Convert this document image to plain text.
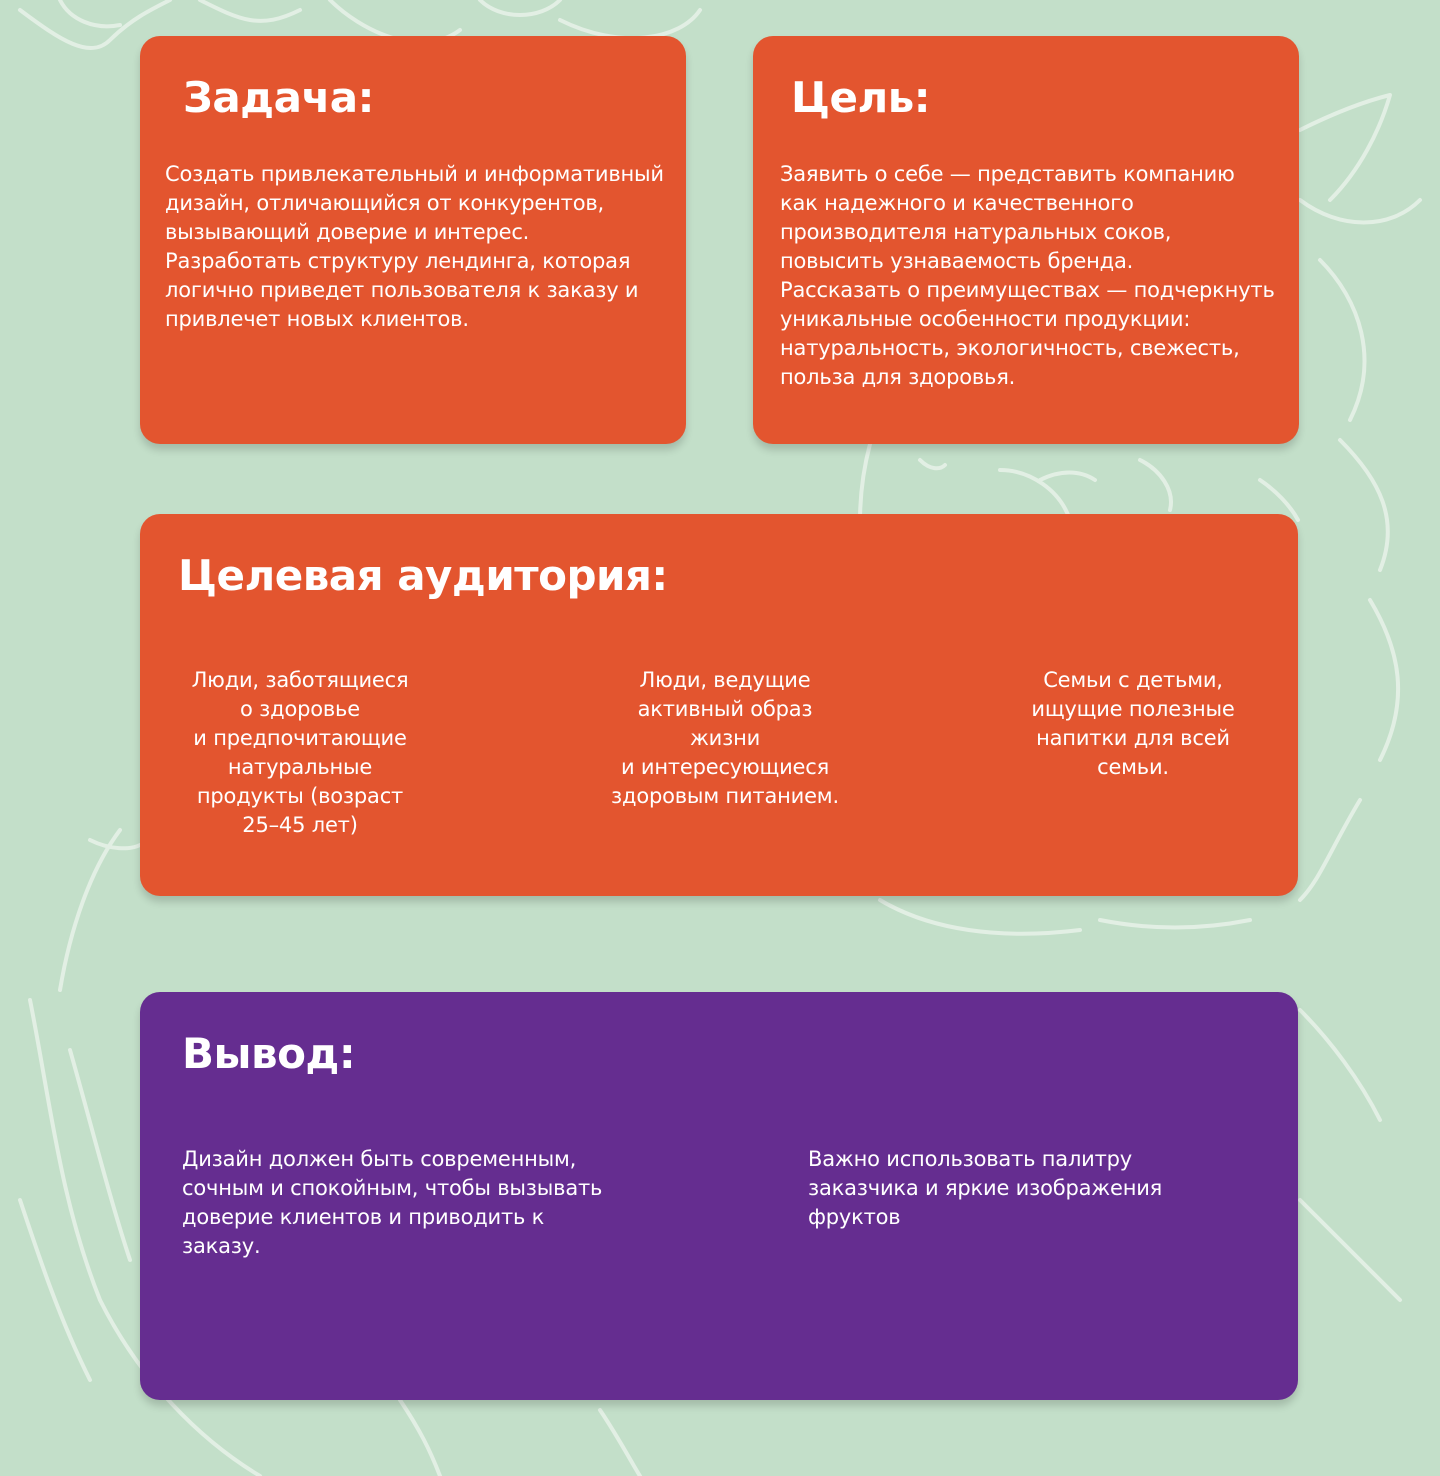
Задача:

Создать привлекательный и информативный
дизайн, отличающийся от конкурентов,
вызывающий доверие и интерес.
Разработать структуру лендинга, которая
логично приведет пользователя к заказу и
привлечет новых клиентов.

Цель:

Заявить о себе — представить компанию
как надежного и качественного
производителя натуральных соков,
повысить узнаваемость бренда.
Рассказать о преимуществах — подчеркнуть
уникальные особенности продукции:
натуральность, экологичность, свежесть,
польза для здоровья.

Целевая аудитория:

Люди, заботящиеся
о здоровье
и предпочитающие
натуральные
продукты (возраст
25–45 лет)

Люди, ведущие
активный образ
жизни
и интересующиеся
здоровым питанием.

Семьи с детьми,
ищущие полезные
напитки для всей
семьи.

Вывод:

Дизайн должен быть современным,
сочным и спокойным, чтобы вызывать
доверие клиентов и приводить к
заказу.

Важно использовать палитру
заказчика и яркие изображения
фруктов
